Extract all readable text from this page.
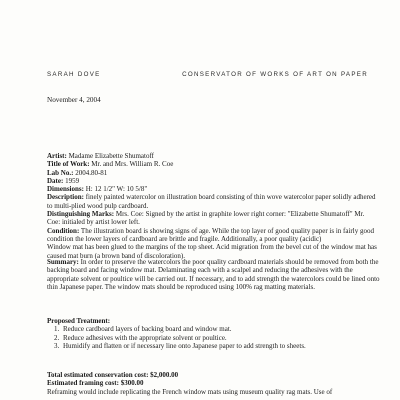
SARAH DOVE	CONSERVATOR OF WORKS OF ART ON PAPER
November 4, 2004

Artist: Madame Elizabette Shumatoff

Title of Work: Mr. and Mrs. William R. Coe

Lab No.: 2004.80-81

Date: 1959

Dimensions: H: 12 1/2" W: 10 5/8"

Description: finely painted watercolor on illustration board consisting of thin wove watercolor paper solidly adhered to multi-plied wood pulp cardboard.

Distinguishing Marks: Mrs. Coe: Signed by the artist in graphite lower right corner: "Elizabette Shumatoff" Mr. Coe: initialed by artist lower left.

Condition: The illustration board is showing signs of age. While the top layer of good quality paper is in fairly good condition the lower layers of cardboard are brittle and fragile. Additionally, a poor quality (acidic)

Window mat has been glued to the margins of the top sheet. Acid migration from the bevel cut of the window mat has caused mat burn (a brown band of discoloration).

Summary: In order to preserve the watercolors the poor quality cardboard materials should be removed from both the backing board and facing window mat. Delaminating each with a scalpel and reducing the adhesives with the appropriate solvent or poultice will be carried out. If necessary, and to add strength the watercolors could be lined onto thin Japanese paper. The window mats should be reproduced using 100% rag matting materials.
Proposed Treatment:
1. Reduce cardboard layers of backing board and window mat.
2. Reduce adhesives with the appropriate solvent or poultice.
3. Humidify and flatten or if necessary line onto Japanese paper to add strength to sheets.

Total estimated conservation cost: $2,000.00

Estimated framing cost: $300.00

Reframing would include replicating the French window mats using museum quality rag mats. Use of
